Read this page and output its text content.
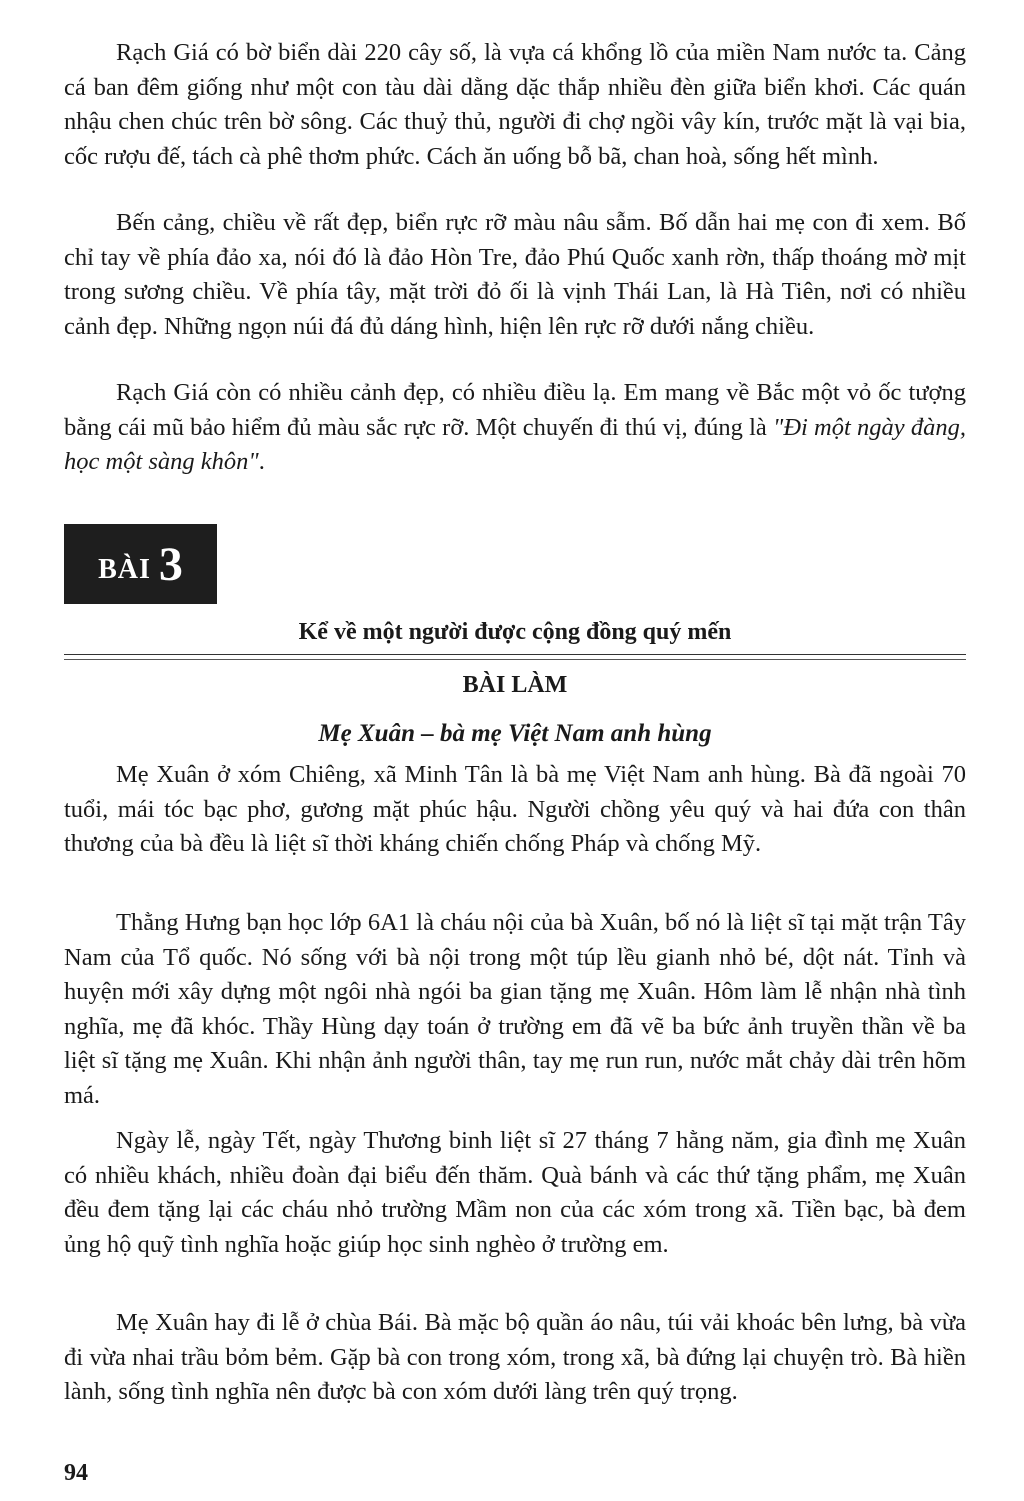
Rạch Giá có bờ biển dài 220 cây số, là vựa cá khổng lồ của miền Nam nước ta. Cảng cá ban đêm giống như một con tàu dài dằng dặc thắp nhiều đèn giữa biển khơi. Các quán nhậu chen chúc trên bờ sông. Các thuỷ thủ, người đi chợ ngồi vây kín, trước mặt là vại bia, cốc rượu đế, tách cà phê thơm phức. Cách ăn uống bỗ bã, chan hoà, sống hết mình.

Bến cảng, chiều về rất đẹp, biển rực rỡ màu nâu sẫm. Bố dẫn hai mẹ con đi xem. Bố chỉ tay về phía đảo xa, nói đó là đảo Hòn Tre, đảo Phú Quốc xanh rờn, thấp thoáng mờ mịt trong sương chiều. Về phía tây, mặt trời đỏ ối là vịnh Thái Lan, là Hà Tiên, nơi có nhiều cảnh đẹp. Những ngọn núi đá đủ dáng hình, hiện lên rực rỡ dưới nắng chiều.

Rạch Giá còn có nhiều cảnh đẹp, có nhiều điều lạ. Em mang về Bắc một vỏ ốc tượng bằng cái mũ bảo hiểm đủ màu sắc rực rỡ. Một chuyến đi thú vị, đúng là "Đi một ngày đàng, học một sàng khôn".

BÀI 3
Kể về một người được cộng đồng quý mến
BÀI LÀM
Mẹ Xuân – bà mẹ Việt Nam anh hùng

Mẹ Xuân ở xóm Chiêng, xã Minh Tân là bà mẹ Việt Nam anh hùng. Bà đã ngoài 70 tuổi, mái tóc bạc phơ, gương mặt phúc hậu. Người chồng yêu quý và hai đứa con thân thương của bà đều là liệt sĩ thời kháng chiến chống Pháp và chống Mỹ.

Thằng Hưng bạn học lớp 6A1 là cháu nội của bà Xuân, bố nó là liệt sĩ tại mặt trận Tây Nam của Tổ quốc. Nó sống với bà nội trong một túp lều gianh nhỏ bé, dột nát. Tỉnh và huyện mới xây dựng một ngôi nhà ngói ba gian tặng mẹ Xuân. Hôm làm lễ nhận nhà tình nghĩa, mẹ đã khóc. Thầy Hùng dạy toán ở trường em đã vẽ ba bức ảnh truyền thần về ba liệt sĩ tặng mẹ Xuân. Khi nhận ảnh người thân, tay mẹ run run, nước mắt chảy dài trên hõm má.

Ngày lễ, ngày Tết, ngày Thương binh liệt sĩ 27 tháng 7 hằng năm, gia đình mẹ Xuân có nhiều khách, nhiều đoàn đại biểu đến thăm. Quà bánh và các thứ tặng phẩm, mẹ Xuân đều đem tặng lại các cháu nhỏ trường Mầm non của các xóm trong xã. Tiền bạc, bà đem ủng hộ quỹ tình nghĩa hoặc giúp học sinh nghèo ở trường em.

Mẹ Xuân hay đi lễ ở chùa Bái. Bà mặc bộ quần áo nâu, túi vải khoác bên lưng, bà vừa đi vừa nhai trầu bỏm bẻm. Gặp bà con trong xóm, trong xã, bà đứng lại chuyện trò. Bà hiền lành, sống tình nghĩa nên được bà con xóm dưới làng trên quý trọng.

94
